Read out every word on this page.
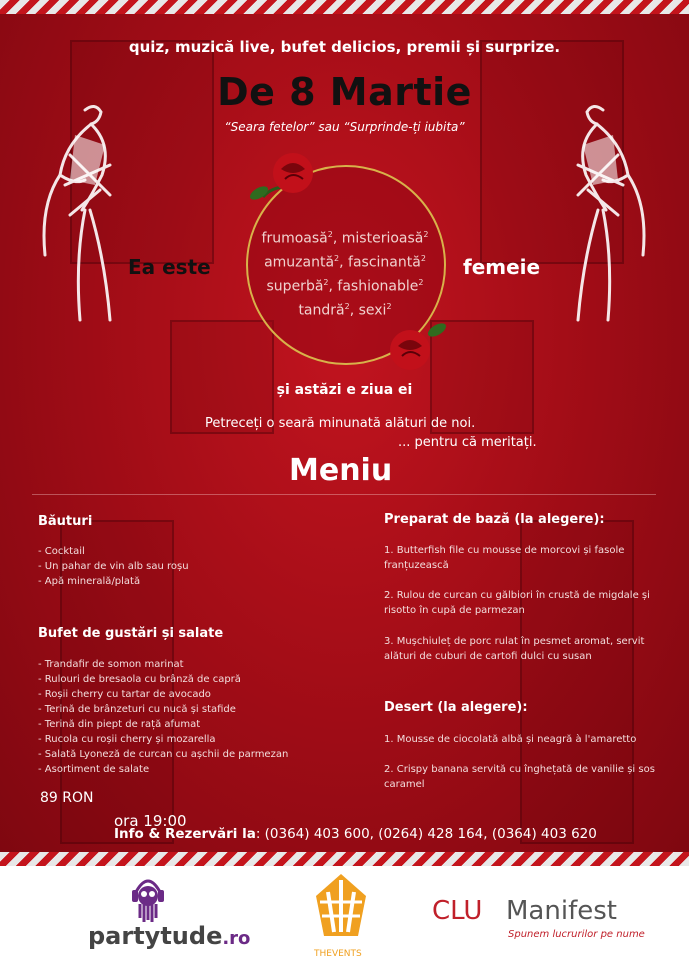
quiz, muzică live, bufet delicios, premii și surprize.
De 8 Martie
“Seara fetelor” sau “Surprinde-ți iubita”
Ea este	femeie
frumoasă$^2$, misterioasă$^2$
amuzantă$^2$, fascinantă$^2$
superbă$^2$, fashionable$^2$
tandră$^2$, sexi$^2$
și astăzi e ziua ei
Petreceți o seară minunată alături de noi.
... pentru că meritați.
Meniu
Băuturi
- Cocktail
- Un pahar de vin alb sau roșu
- Apă minerală/plată
Bufet de gustări și salate
- Trandafir de somon marinat
- Rulouri de bresaola cu brânză de capră
- Roșii cherry cu tartar de avocado
- Terină de brânzeturi cu nucă și stafide
- Terină din piept de rață afumat
- Rucola cu roșii cherry și mozarella
- Salată Lyoneză de curcan cu așchii de parmezan
- Asortiment de salate
Preparat de bază (la alegere):
1. Butterfish file cu mousse de morcovi și fasole
franțuzească
2. Rulou de curcan cu gălbiori în crustă de migdale și
risotto în cupă de parmezan
3. Mușchiuleț de porc rulat în pesmet aromat, servit
alături de cuburi de cartofi dulci cu susan
Desert (la alegere):
1. Mousse de ciocolată albă și neagră à l'amaretto
2. Crispy banana servită cu înghețată de vanilie și sos
caramel
89 RON
ora 19:00
Info & Rezervări la: (0364) 403 600, (0264) 428 164, (0364) 403 620
partytude.ro
THEVENTS
CLU Manifest
Spunem lucrurilor pe nume
